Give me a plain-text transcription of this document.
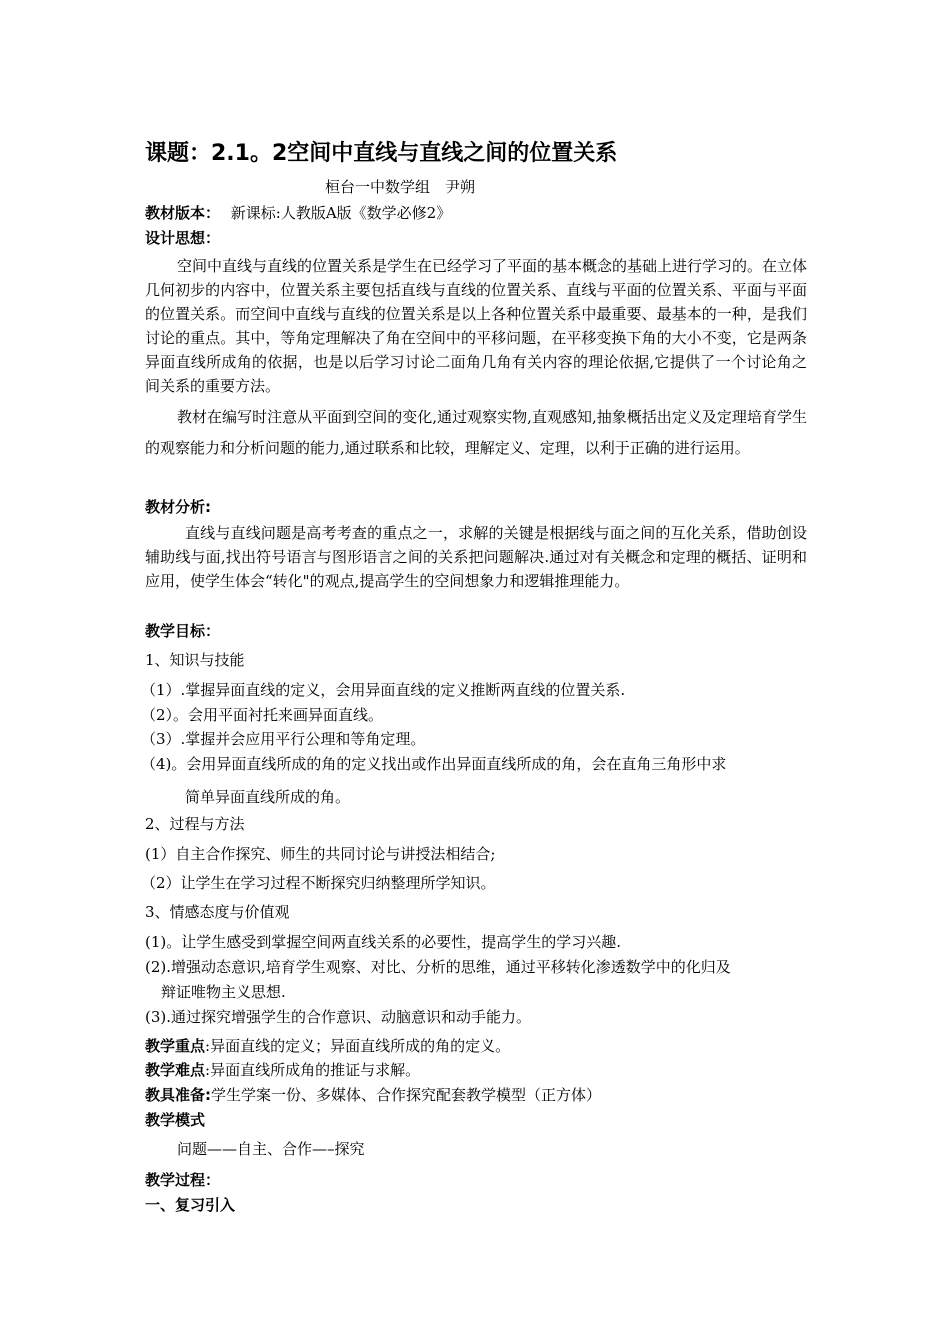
课题：2.1。2空间中直线与直线之间的位置关系
桓台一中数学组　尹朔
教材版本： 新课标:人教版A版《数学必修2》
设计思想：

空间中直线与直线的位置关系是学生在已经学习了平面的基本概念的基础上进行学习的。在立体几何初步的内容中，位置关系主要包括直线与直线的位置关系、直线与平面的位置关系、平面与平面的位置关系。而空间中直线与直线的位置关系是以上各种位置关系中最重要、最基本的一种，是我们讨论的重点。其中，等角定理解决了角在空间中的平移问题，在平移变换下角的大小不变，它是两条异面直线所成角的依据，也是以后学习讨论二面角几角有关内容的理论依据,它提供了一个讨论角之间关系的重要方法。

教材在编写时注意从平面到空间的变化,通过观察实物,直观感知,抽象概括出定义及定理培育学生的观察能力和分析问题的能力,通过联系和比较，理解定义、定理，以利于正确的进行运用。

教材分析:

直线与直线问题是高考考查的重点之一，求解的关键是根据线与面之间的互化关系，借助创设辅助线与面,找出符号语言与图形语言之间的关系把问题解决.通过对有关概念和定理的概括、证明和应用，使学生体会“转化"的观点,提高学生的空间想象力和逻辑推理能力。

教学目标：
1、知识与技能
（1）.掌握异面直线的定义，会用异面直线的定义推断两直线的位置关系.
（2）。会用平面衬托来画异面直线。
（3）.掌握并会应用平行公理和等角定理。
（4)。会用异面直线所成的角的定义找出或作出异面直线所成的角，会在直角三角形中求
简单异面直线所成的角。
2、过程与方法
(1）自主合作探究、师生的共同讨论与讲授法相结合;
（2）让学生在学习过程不断探究归纳整理所学知识。
3、情感态度与价值观
(1)。让学生感受到掌握空间两直线关系的必要性，提高学生的学习兴趣.
(2).增强动态意识,培育学生观察、对比、分析的思维，通过平移转化渗透数学中的化归及
辩证唯物主义思想.
(3).通过探究增强学生的合作意识、动脑意识和动手能力。
教学重点:异面直线的定义；异面直线所成的角的定义。
教学难点:异面直线所成角的推证与求解。
教具准备:学生学案一份、多媒体、合作探究配套教学模型（正方体）
教学模式
问题——自主、合作—–探究
教学过程：
一、复习引入
